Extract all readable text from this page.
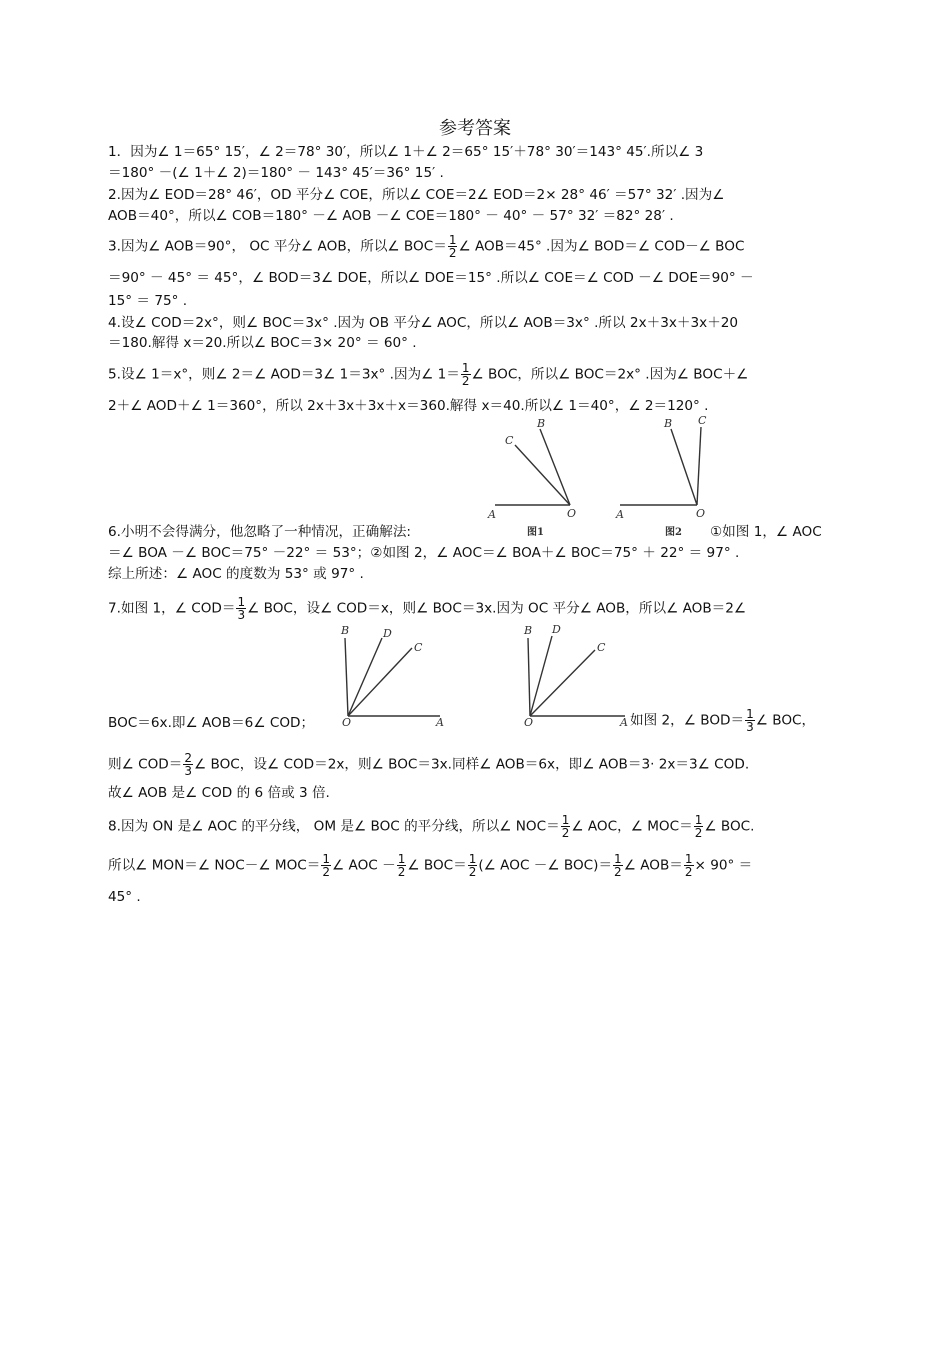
参考答案
1．因为∠ 1＝65° 15′，∠ 2＝78° 30′，所以∠ 1＋∠ 2＝65° 15′＋78° 30′＝143° 45′.所以∠ 3
＝180° －(∠ 1＋∠ 2)＝180° － 143° 45′＝36° 15′ .
2.因为∠ EOD＝28° 46′，OD 平分∠ COE，所以∠ COE＝2∠ EOD＝2× 28° 46′ ＝57° 32′ .因为∠
AOB＝40°，所以∠ COB＝180° －∠ AOB －∠ COE＝180° － 40° － 57° 32′ ＝82° 28′ .
3.因为∠ AOB＝90°， OC 平分∠ AOB，所以∠ $BOC= \frac{1}{2}$ ∠ AOB＝45° .因为∠ BOD＝∠ COD－∠ BOC
＝90° － 45° ＝ 45°，∠ BOD＝3∠ DOE，所以∠ DOE＝15° .所以∠ COE＝∠ COD －∠ DOE＝90° －
15° ＝ 75° .
4.设∠ COD＝2x°，则∠ BOC＝3x° .因为 OB 平分∠ AOC，所以∠ AOB＝3x° .所以 2x＋3x＋3x＋20
＝180.解得 x＝20.所以∠ BOC＝3× 20° ＝ 60° .
5.设∠ 1＝x°，则∠ 2＝∠ AOD＝3∠ 1＝3x° .因为∠ $1= \frac{1}{2}$ ∠ BOC，所以∠ BOC＝2x° .因为∠ BOC＋∠
2＋∠ AOD＋∠ 1＝360°，所以 2x＋3x＋3x＋x＝360.解得 x＝40.所以∠ 1＝40°，∠ 2＝120° .
A	O
B
C
图1
A	O
B C
图2
6.小明不会得满分，他忽略了一种情况，正确解法:	①如图 1，∠ AOC
＝∠ BOA －∠ BOC＝75° －22° ＝ 53°；②如图 2，∠ AOC＝∠ BOA＋∠ BOC＝75° ＋ 22° ＝ 97° .
综上所述：∠ AOC 的度数为 53° 或 97° .
7.如图 1，∠ $COD= \frac{1}{3}$ ∠ BOC，设∠ COD＝x，则∠ BOC＝3x.因为 OC 平分∠ AOB，所以∠ AOB＝2∠
O	A
B	D
C
O	A
B D
C
BOC＝6x.即∠ AOB＝6∠ COD；	如图 2，∠ $BOD= \frac{1}{3}$ ∠ BOC，
则∠ $COD= \frac{2}{3}$ ∠ BOC，设∠ COD＝2x，则∠ BOC＝3x.同样∠ AOB＝6x，即∠ AOB＝3· 2x＝3∠ COD.
故∠ AOB 是∠ COD 的 6 倍或 3 倍.
8.因为 ON 是∠ AOC 的平分线， OM 是∠ BOC 的平分线，所以∠ $NOC= \frac{1}{2}$ ∠ AOC，∠ $MOC= \frac{1}{2}$ ∠ BOC.
所以∠ MON＝∠ NOC－∠ $MOC= \frac{1}{2}$ ∠ AOC － $\frac{1}{2}$ ∠ $BOC= \frac{1}{2}$ (∠ AOC －∠ $BOC)= \frac{1}{2}$ ∠ $AOB= \frac{1}{2} \times 90^\circ$ ＝
45° .
